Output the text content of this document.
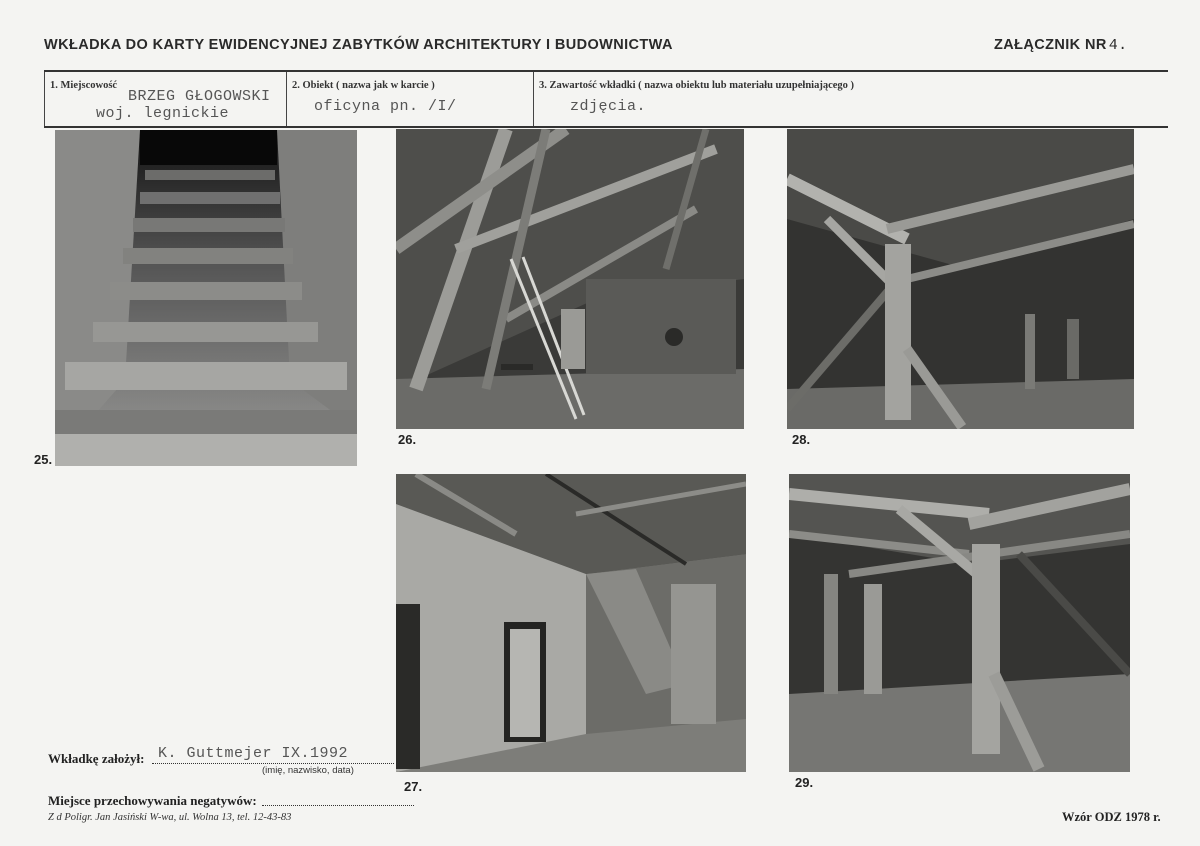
WKŁADKA DO KARTY EWIDENCYJNEJ ZABYTKÓW ARCHITEKTURY I BUDOWNICTWA	ZAŁĄCZNIK NR 4.
1. Miejscowość
BRZEG GŁOGOWSKI
woj. legnickie
2. Obiekt ( nazwa jak w karcie )
oficyna pn. /I/
3. Zawartość wkładki ( nazwa obiektu lub materiału uzupełniającego )
zdjęcia.
25.
26.	28.
27.	29.
Wkładkę założył: K. Guttmejer IX.1992
(imię, nazwisko, data)
Miejsce przechowywania negatywów:
Z d Poligr. Jan Jasiński W-wa, ul. Wolna 13, tel. 12-43-83	Wzór ODZ 1978 r.
